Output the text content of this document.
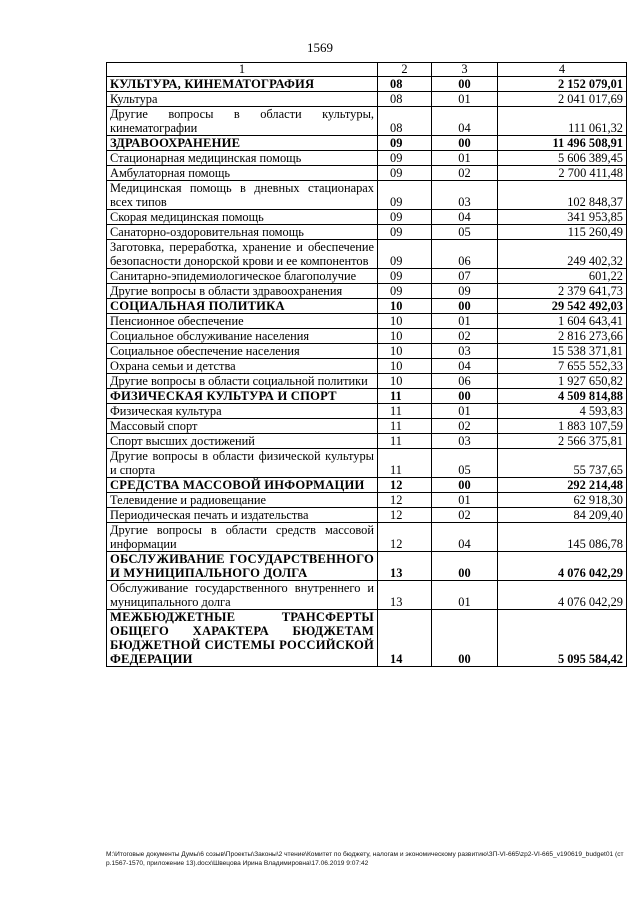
1569
1	2	3	4
КУЛЬТУРА, КИНЕМАТОГРАФИЯ	08	00	2 152 079,01
Культура	08	01	2 041 017,69
Другие вопросы в области культуры, кинематографии	08	04	111 061,32
ЗДРАВООХРАНЕНИЕ	09	00	11 496 508,91
Стационарная медицинская помощь	09	01	5 606 389,45
Амбулаторная помощь	09	02	2 700 411,48
Медицинская помощь в дневных стационарах всех типов	09	03	102 848,37
Скорая медицинская помощь	09	04	341 953,85
Санаторно-оздоровительная помощь	09	05	115 260,49
Заготовка, переработка, хранение и обеспечение безопасности донорской крови и ее компонентов	09	06	249 402,32
Санитарно-эпидемиологическое благополучие	09	07	601,22
Другие вопросы в области здравоохранения	09	09	2 379 641,73
СОЦИАЛЬНАЯ ПОЛИТИКА	10	00	29 542 492,03
Пенсионное обеспечение	10	01	1 604 643,41
Социальное обслуживание населения	10	02	2 816 273,66
Социальное обеспечение населения	10	03	15 538 371,81
Охрана семьи и детства	10	04	7 655 552,33
Другие вопросы в области социальной политики	10	06	1 927 650,82
ФИЗИЧЕСКАЯ КУЛЬТУРА И СПОРТ	11	00	4 509 814,88
Физическая культура	11	01	4 593,83
Массовый спорт	11	02	1 883 107,59
Спорт высших достижений	11	03	2 566 375,81
Другие вопросы в области физической культуры и спорта	11	05	55 737,65
СРЕДСТВА МАССОВОЙ ИНФОРМАЦИИ	12	00	292 214,48
Телевидение и радиовещание	12	01	62 918,30
Периодическая печать и издательства	12	02	84 209,40
Другие вопросы в области средств массовой информации	12	04	145 086,78
ОБСЛУЖИВАНИЕ ГОСУДАРСТВЕННОГО И МУНИЦИПАЛЬНОГО ДОЛГА	13	00	4 076 042,29
Обслуживание государственного внутреннего и муниципального долга	13	01	4 076 042,29
МЕЖБЮДЖЕТНЫЕ ТРАНСФЕРТЫ ОБЩЕГО ХАРАКТЕРА БЮДЖЕТАМ БЮДЖЕТНОЙ СИСТЕМЫ РОССИЙСКОЙ ФЕДЕРАЦИИ	14	00	5 095 584,42
M:\Итоговые документы Думы\6 созыв\Проекты\Законы\2 чтение\Комитет по бюджету, налогам и экономическому развитию\ЗП-VI-665\zp2-VI-665_v190619_budget01 (стр.1567-1570, приложение 13).docx\Швецова Ирина Владимировна\17.06.2019 9:07:42
